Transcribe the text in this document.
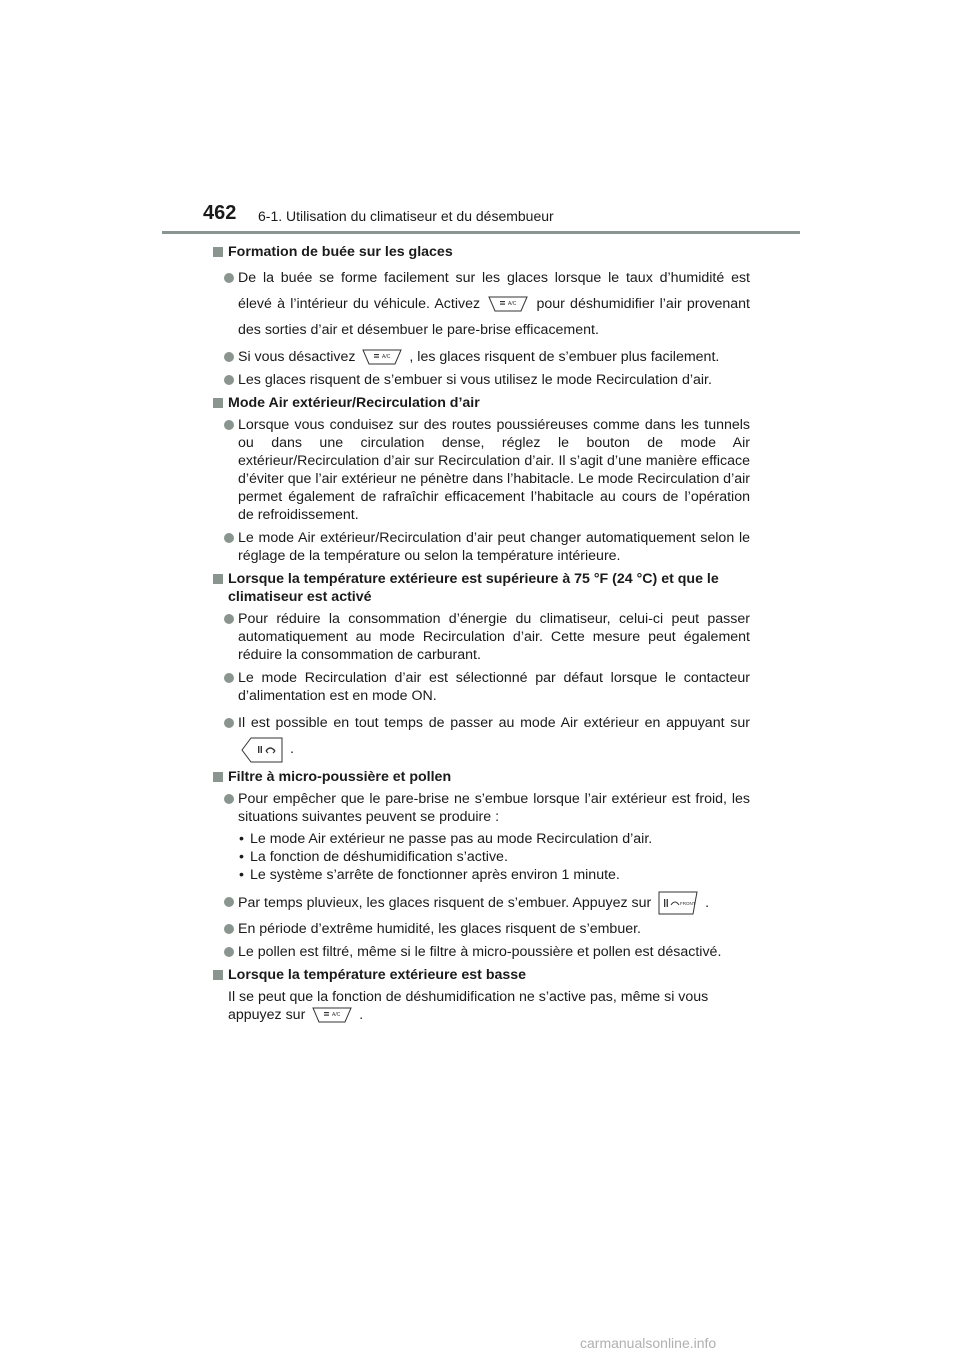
462 6-1. Utilisation du climatiseur et du désembueur
Formation de buée sur les glaces
De la buée se forme facilement sur les glaces lorsque le taux d’humidité est élevé à l’intérieur du véhicule. Activez	A/C pour déshumidifier l’air provenant des sorties d’air et désembuer le pare-brise efficacement.
Si vous désactivez	A/C , les glaces risquent de s’embuer plus facilement.
Les glaces risquent de s’embuer si vous utilisez le mode Recirculation d’air.
Mode Air extérieur/Recirculation d’air
Lorsque vous conduisez sur des routes poussiéreuses comme dans les tunnels ou dans une circulation dense, réglez le bouton de mode Air extérieur/Recirculation d’air sur Recirculation d’air. Il s’agit d’une manière efficace d’éviter que l’air extérieur ne pénètre dans l’habitacle. Le mode Recirculation d’air permet également de rafraîchir efficacement l’habitacle au cours de l’opération de refroidissement.
Le mode Air extérieur/Recirculation d’air peut changer automatiquement selon le réglage de la température ou selon la température intérieure.
Lorsque la température extérieure est supérieure à 75 °F (24 °C) et que le climatiseur est activé
Pour réduire la consommation d’énergie du climatiseur, celui-ci peut passer automatiquement au mode Recirculation d’air. Cette mesure peut également réduire la consommation de carburant.
Le mode Recirculation d’air est sélectionné par défaut lorsque le contacteur d’alimentation est en mode ON.
Il est possible en tout temps de passer au mode Air extérieur en appuyant sur
.
Filtre à micro-poussière et pollen
Pour empêcher que le pare-brise ne s’embue lorsque l’air extérieur est froid, les situations suivantes peuvent se produire :
• Le mode Air extérieur ne passe pas au mode Recirculation d’air.
• La fonction de déshumidification s’active.
• Le système s’arrête de fonctionner après environ 1 minute.
Par temps pluvieux, les glaces risquent de s’embuer. Appuyez sur	FRONT .
En période d’extrême humidité, les glaces risquent de s’embuer.
Le pollen est filtré, même si le filtre à micro-poussière et pollen est désactivé.
Lorsque la température extérieure est basse
Il se peut que la fonction de déshumidification ne s’active pas, même si vous appuyez sur	A/C .
carmanualsonline.info
